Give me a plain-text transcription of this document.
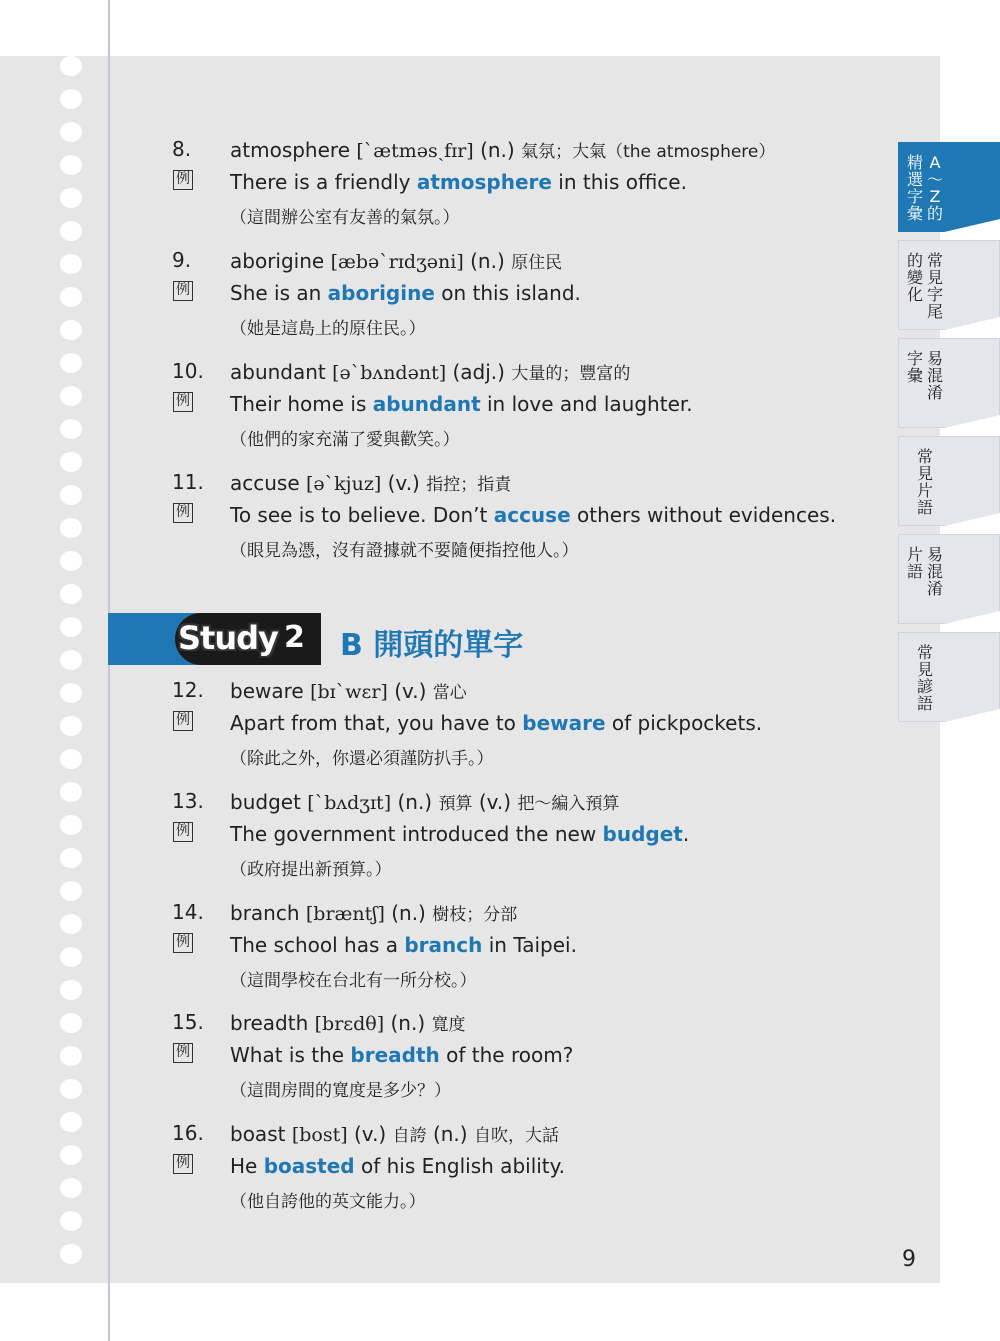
8. atmosphere [ˋætməsˏfɪr] (n.) 氣氛；大氣（the atmosphere）
例 There is a friendly atmosphere in this office.
（這間辦公室有友善的氣氛。）
9. aborigine [æbəˋrɪdʒəni] (n.) 原住民
例 She is an aborigine on this island.
（她是這島上的原住民。）
10. abundant [əˋbʌndənt] (adj.) 大量的；豐富的
例 Their home is abundant in love and laughter.
（他們的家充滿了愛與歡笑。）
11. accuse [əˋkjuz] (v.) 指控；指責
例 To see is to believe. Don’t accuse others without evidences.
（眼見為憑，沒有證據就不要隨便指控他人。）
Study 2 B 開頭的單字
12. beware [bɪˋwɛr] (v.) 當心
例 Apart from that, you have to beware of pickpockets.
（除此之外，你還必須謹防扒手。）
13. budget [ˋbʌdʒɪt] (n.) 預算 (v.) 把～編入預算
例 The government introduced the new budget.
（政府提出新預算。）
14. branch [bræntʃ] (n.) 樹枝；分部
例 The school has a branch in Taipei.
（這間學校在台北有一所分校。）
15. breadth [brɛdθ] (n.) 寬度
例 What is the breadth of the room?
（這間房間的寬度是多少？）
16. boast [bost] (v.) 自誇 (n.) 自吹，大話
例 He boasted of his English ability.
（他自誇他的英文能力。）
精選字彙
A～Z的
的變化
常見字尾
字彙
易混淆
常見片語
片語
易混淆
常見諺語
9
